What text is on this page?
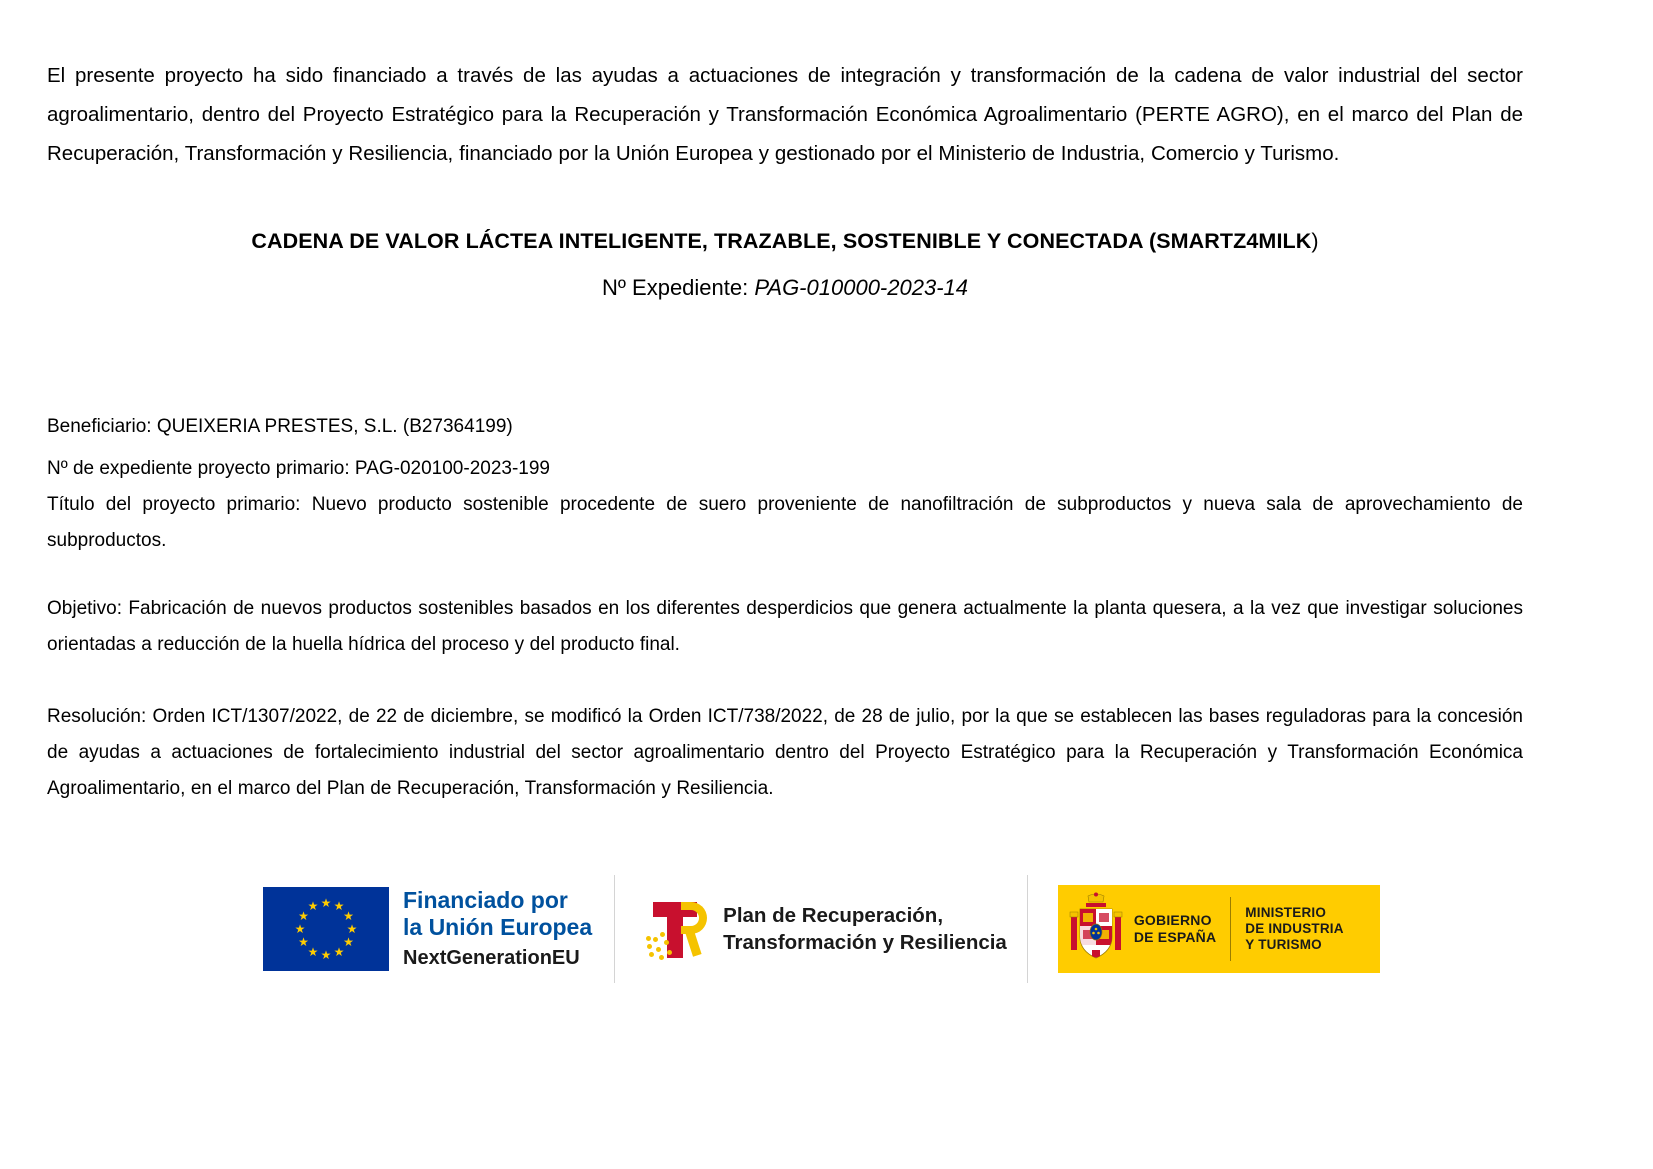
El presente proyecto ha sido financiado a través de las ayudas a actuaciones de integración y transformación de la cadena de valor industrial del sector agroalimentario, dentro del Proyecto Estratégico para la Recuperación y Transformación Económica Agroalimentario (PERTE AGRO), en el marco del Plan de Recuperación, Transformación y Resiliencia, financiado por la Unión Europea y gestionado por el Ministerio de Industria, Comercio y Turismo.

CADENA DE VALOR LÁCTEA INTELIGENTE, TRAZABLE, SOSTENIBLE Y CONECTADA (SMARTZ4MILK)

Nº Expediente: PAG-010000-2023-14

Beneficiario: QUEIXERIA PRESTES, S.L. (B27364199)

Nº de expediente proyecto primario: PAG-020100-2023-199

Título del proyecto primario: Nuevo producto sostenible procedente de suero proveniente de nanofiltración de subproductos y nueva sala de aprovechamiento de subproductos.

Objetivo: Fabricación de nuevos productos sostenibles basados en los diferentes desperdicios que genera actualmente la planta quesera, a la vez que investigar soluciones orientadas a reducción de la huella hídrica del proceso y del producto final.

Resolución: Orden ICT/1307/2022, de 22 de diciembre, se modificó la Orden ICT/738/2022, de 28 de julio, por la que se establecen las bases reguladoras para la concesión de ayudas a actuaciones de fortalecimiento industrial del sector agroalimentario dentro del Proyecto Estratégico para la Recuperación y Transformación Económica Agroalimentario, en el marco del Plan de Recuperación, Transformación y Resiliencia.

★ ★
★
★
★
★
★
★
★
★
★
★	Financiado por
la Unión Europea
NextGenerationEU
Plan de Recuperación,
Transformación y Resiliencia
GOBIERNO
DE ESPAÑA
MINISTERIO
DE INDUSTRIA
Y TURISMO
